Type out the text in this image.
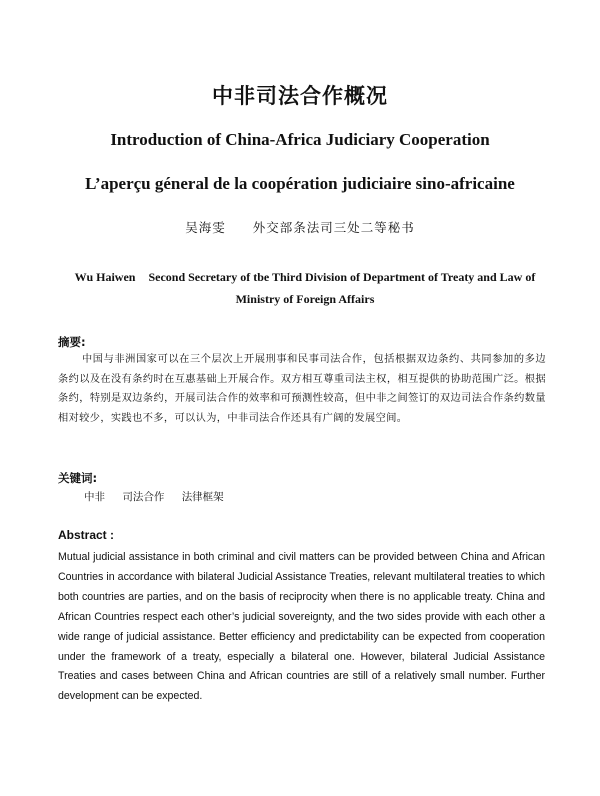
中非司法合作概况
Introduction of China-Africa Judiciary Cooperation
L’aperçu géneral de la coopération judiciaire sino-africaine
吴海雯 外交部条法司三处二等秘书
Wu Haiwen Second Secretary of tbe Third Division of Department of Treaty and Law of Ministry of Foreign Affairs
摘要:
中国与非洲国家可以在三个层次上开展刑事和民事司法合作，包括根据双边条约、共同参加的多边条约以及在没有条约时在互惠基础上开展合作。双方相互尊重司法主权，相互提供的协助范围广泛。根据条约，特别是双边条约，开展司法合作的效率和可预测性较高，但中非之间签订的双边司法合作条约数量相对较少，实践也不多，可以认为，中非司法合作还具有广阔的发展空间。
关键词:
中非 司法合作 法律框架
Abstract :
Mutual judicial assistance in both criminal and civil matters can be provided between China and African Countries in accordance with bilateral Judicial Assistance Treaties, relevant multilateral treaties to which both countries are parties, and on the basis of reciprocity when there is no applicable treaty. China and African Countries respect each other’s judicial sovereignty, and the two sides provide with each other a wide range of judicial assistance. Better efficiency and predictability can be expected from cooperation under the framework of a treaty, especially a bilateral one. However, bilateral Judicial Assistance Treaties and cases between China and African countries are still of a relatively small number. Further development can be expected.
